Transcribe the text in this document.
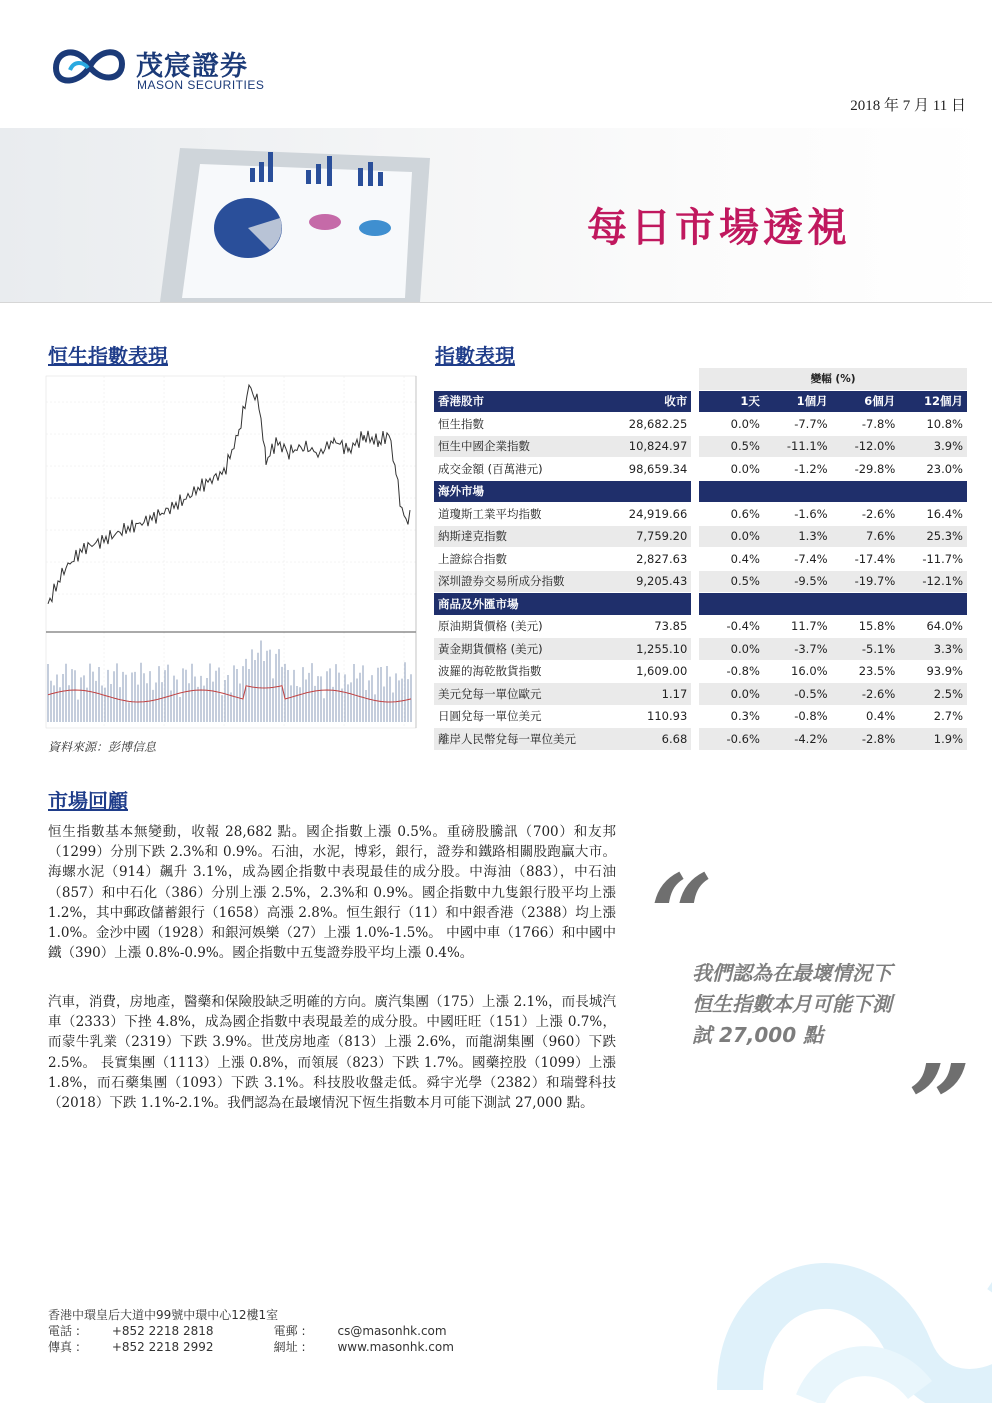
茂宸證券
MASON SECURITIES
2018 年 7 月 11 日
每日市場透視
恒生指數表現
資料來源：彭博信息
指數表現
			變幅 (%)			
香港股市	收市		1天	1個月	6個月	12個月
恒生指數	28,682.25		0.0%	-7.7%	-7.8%	10.8%
恒生中國企業指數	10,824.97		0.5%	-11.1%	-12.0%	3.9%
成交金額 (百萬港元)	98,659.34		0.0%	-1.2%	-29.8%	23.0%
海外市場						
道瓊斯工業平均指數	24,919.66		0.6%	-1.6%	-2.6%	16.4%
納斯達克指數	7,759.20		0.0%	1.3%	7.6%	25.3%
上證綜合指數	2,827.63		0.4%	-7.4%	-17.4%	-11.7%
深圳證券交易所成分指數	9,205.43		0.5%	-9.5%	-19.7%	-12.1%
商品及外匯市場						
原油期貨價格 (美元)	73.85		-0.4%	11.7%	15.8%	64.0%
黃金期貨價格 (美元)	1,255.10		0.0%	-3.7%	-5.1%	3.3%
波羅的海乾散貨指數	1,609.00		-0.8%	16.0%	23.5%	93.9%
美元兌每一單位歐元	1.17		0.0%	-0.5%	-2.6%	2.5%
日圓兌每一單位美元	110.93		0.3%	-0.8%	0.4%	2.7%
離岸人民幣兌每一單位美元	6.68		-0.6%	-4.2%	-2.8%	1.9%
市場回顧
恒生指數基本無變動，收報 28,682 點。國企指數上漲 0.5%。重磅股騰訊（700）和友邦（1299）分別下跌 2.3%和 0.9%。石油，水泥，博彩，銀行，證券和鐵路相關股跑贏大市。海螺水泥（914）飆升 3.1%，成為國企指數中表現最佳的成分股。中海油（883），中石油（857）和中石化（386）分別上漲 2.5%，2.3%和 0.9%。國企指數中九隻銀行股平均上漲 1.2%，其中郵政儲蓄銀行（1658）高漲 2.8%。恒生銀行（11）和中銀香港（2388）均上漲 1.0%。金沙中國（1928）和銀河娛樂（27）上漲 1.0%-1.5%。 中國中車（1766）和中國中鐵（390）上漲 0.8%-0.9%。國企指數中五隻證券股平均上漲 0.4%。
汽車，消費，房地產，醫藥和保險股缺乏明確的方向。廣汽集團（175）上漲 2.1%，而長城汽車（2333）下挫 4.8%，成為國企指數中表現最差的成分股。中國旺旺（151）上漲 0.7%，而蒙牛乳業（2319）下跌 3.9%。世茂房地產（813）上漲 2.6%，而龍湖集團（960）下跌 2.5%。 長實集團（1113）上漲 0.8%，而領展（823）下跌 1.7%。國藥控股（1099）上漲 1.8%，而石藥集團（1093）下跌 3.1%。科技股收盤走低。舜宇光學（2382）和瑞聲科技（2018）下跌 1.1%-2.1%。我們認為在最壞情況下恆生指數本月可能下測試 27,000 點。
“
我們認為在最壞情況下
恒生指數本月可能下測
試 27,000 點
”
香港中環皇后大道中99號中環中心12樓1室
電話 :	+852 2218 2818	電郵 :	cs@masonhk.com
傳真 :	+852 2218 2992	網址 :	www.masonhk.com
